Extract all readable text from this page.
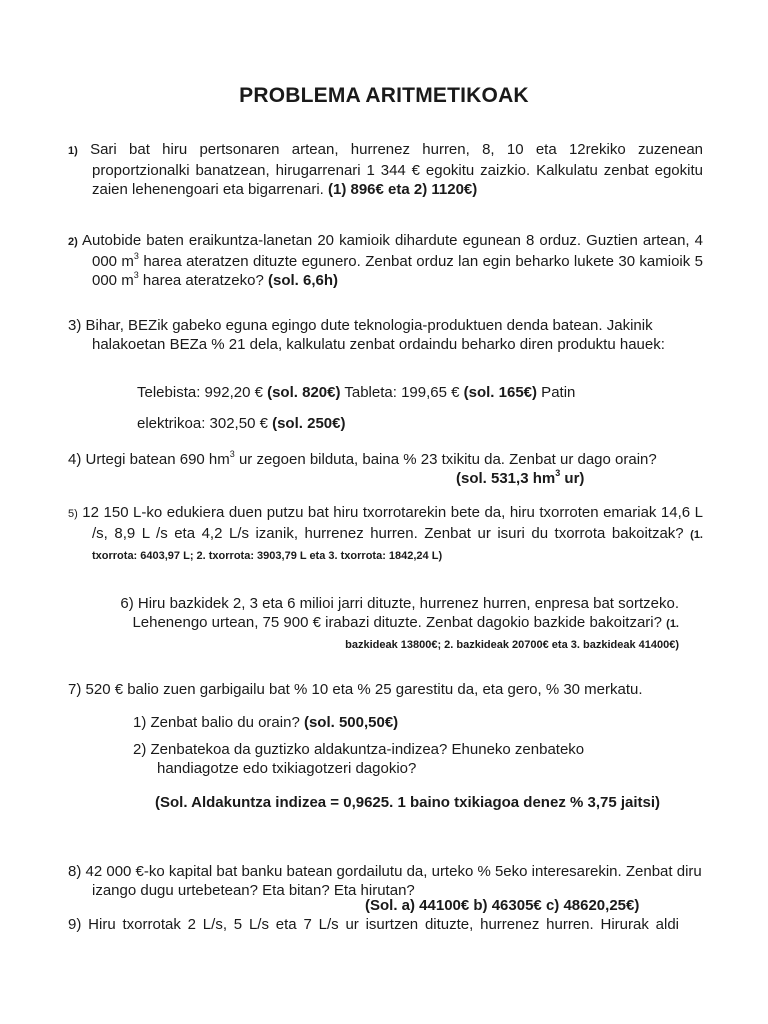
PROBLEMA ARITMETIKOAK
1) Sari bat hiru pertsonaren artean, hurrenez hurren, 8, 10 eta 12rekiko zuzenean proportzionalki banatzean, hirugarrenari 1 344 € egokitu zaizkio. Kalkulatu zenbat egokitu zaien lehenengoari eta bigarrenari. (1) 896€ eta 2) 1120€)
2) Autobide baten eraikuntza-lanetan 20 kamioik dihardute egunean 8 orduz. Guztien artean, 4 000 $m^3$ harea ateratzen dituzte egunero. Zenbat orduz lan egin beharko lukete 30 kamioik 5 000 $m^3$ harea ateratzeko? (sol. 6,6h)
3) Bihar, BEZik gabeko eguna egingo dute teknologia-produktuen denda batean. Jakinik halakoetan BEZa % 21 dela, kalkulatu zenbat ordaindu beharko diren produktu hauek:
Telebista: 992,20 € (sol. 820€) Tableta: 199,65 € (sol. 165€) Patin
elektrikoa: 302,50 € (sol. 250€)
4) Urtegi batean 690 $hm^3$ ur zegoen bilduta, baina % 23 txikitu da. Zenbat ur dago orain?
(sol. 531,3 $hm^3$ ur)
5) 12 150 L-ko edukiera duen putzu bat hiru txorrotarekin bete da, hiru txorroten emariak 14,6 L /s, 8,9 L /s eta 4,2 L/s izanik, hurrenez hurren. Zenbat ur isuri du txorrota bakoitzak? (1. txorrota: 6403,97 L; 2. txorrota: 3903,79 L eta 3. txorrota: 1842,24 L)
6) Hiru bazkidek 2, 3 eta 6 milioi jarri dituzte, hurrenez hurren, enpresa bat sortzeko. Lehenengo urtean, 75 900 € irabazi dituzte. Zenbat dagokio bazkide bakoitzari? (1.
bazkideak 13800€; 2. bazkideak 20700€ eta 3. bazkideak 41400€)
7) 520 € balio zuen garbigailu bat % 10 eta % 25 garestitu da, eta gero, % 30 merkatu.
1) Zenbat balio du orain? (sol. 500,50€)
2) Zenbatekoa da guztizko aldakuntza-indizea? Ehuneko zenbateko handiagotze edo txikiagotzeri dagokio?
(Sol. Aldakuntza indizea = 0,9625. 1 baino txikiagoa denez % 3,75 jaitsi)
8) 42 000 €-ko kapital bat banku batean gordailutu da, urteko % 5eko interesarekin. Zenbat diru izango dugu urtebetean? Eta bitan? Eta hirutan?
(Sol. a) 44100€ b) 46305€ c) 48620,25€)
9) Hiru txorrotak 2 L/s, 5 L/s eta 7 L/s ur isurtzen dituzte, hurrenez hurren. Hirurak aldi
